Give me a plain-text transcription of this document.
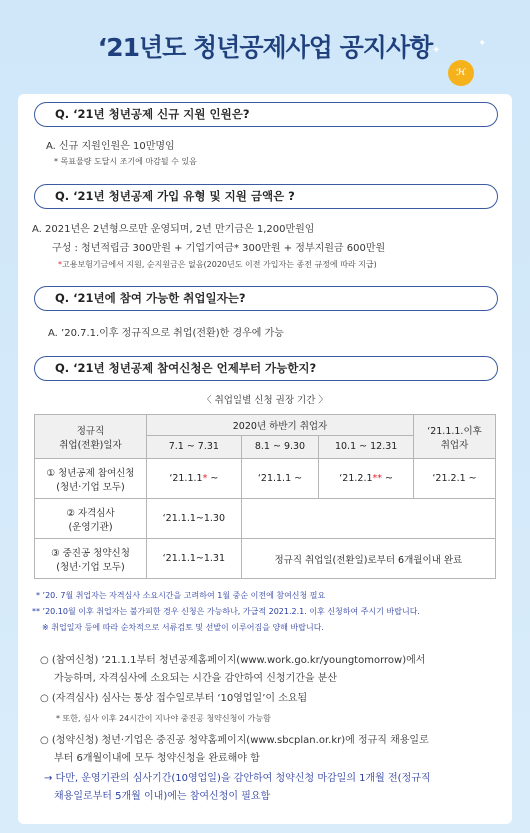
‘21년도 청년공제사업 공지사항 ✦
✦
ℋ
Q. ‘21년 청년공제 신규 지원 인원은?
A. 신규 지원인원은 10만명임
* 목표물량 도달시 조기에 마감될 수 있음
Q. ‘21년 청년공제 가입 유형 및 지원 금액은 ?
A. 2021년은 2년형으로만 운영되며, 2년 만기금은 1,200만원임
구성 : 청년적립금 300만원 + 기업기여금* 300만원 + 정부지원금 600만원
*고용보험기금에서 지원, 순지원금은 없음(2020년도 이전 가입자는 종전 규정에 따라 지급)
Q. ‘21년에 참여 가능한 취업일자는?
A. ’20.7.1.이후 정규직으로 취업(전환)한 경우에 가능
Q. ‘21년 청년공제 참여신청은 언제부터 가능한지?
〈 취업일별 신청 권장 기간 〉
정규직
취업(전환)일자	2020년 하반기 취업자			‘21.1.1.이후
취업자
	7.1 ~ 7.31	8.1 ~ 9.30	10.1 ~ 12.31	
① 청년공제 참여신청
(청년·기업 모두)	‘21.1.1* ~	‘21.1.1 ~	‘21.2.1** ~	‘21.2.1 ~
② 자격심사
(운영기관)	‘21.1.1~1.30			
③ 중진공 청약신청
(청년·기업 모두)	‘21.1.1~1.31	정규직 취업일(전환일)로부터 6개월이내 완료		
* ’20. 7월 취업자는 자격심사 소요시간을 고려하여 1월 중순 이전에 참여신청 필요
** ’20.10월 이후 취업자는 불가피한 경우 신청은 가능하나, 가급적 2021.2.1. 이후 신청하여 주시기 바랍니다.
※ 취업일자 등에 따라 순차적으로 서류검토 및 선발이 이루어짐을 양해 바랍니다.
○ (참여신청) ’21.1.1부터 청년공제홈페이지(www.work.go.kr/youngtomorrow)에서
가능하며, 자격심사에 소요되는 시간을 감안하여 신청기간을 분산
○ (자격심사) 심사는 통상 접수일로부터 ‘10영업일’이 소요됨
* 또한, 심사 이후 24시간이 지나야 중진공 청약신청이 가능함
○ (청약신청) 청년·기업은 중진공 청약홈페이지(www.sbcplan.or.kr)에 정규직 채용일로
부터 6개월이내에 모두 청약신청을 완료해야 함
→ 다만, 운영기관의 심사기간(10영업일)을 감안하여 청약신청 마감일의 1개월 전(정규직
채용일로부터 5개월 이내)에는 참여신청이 필요함
